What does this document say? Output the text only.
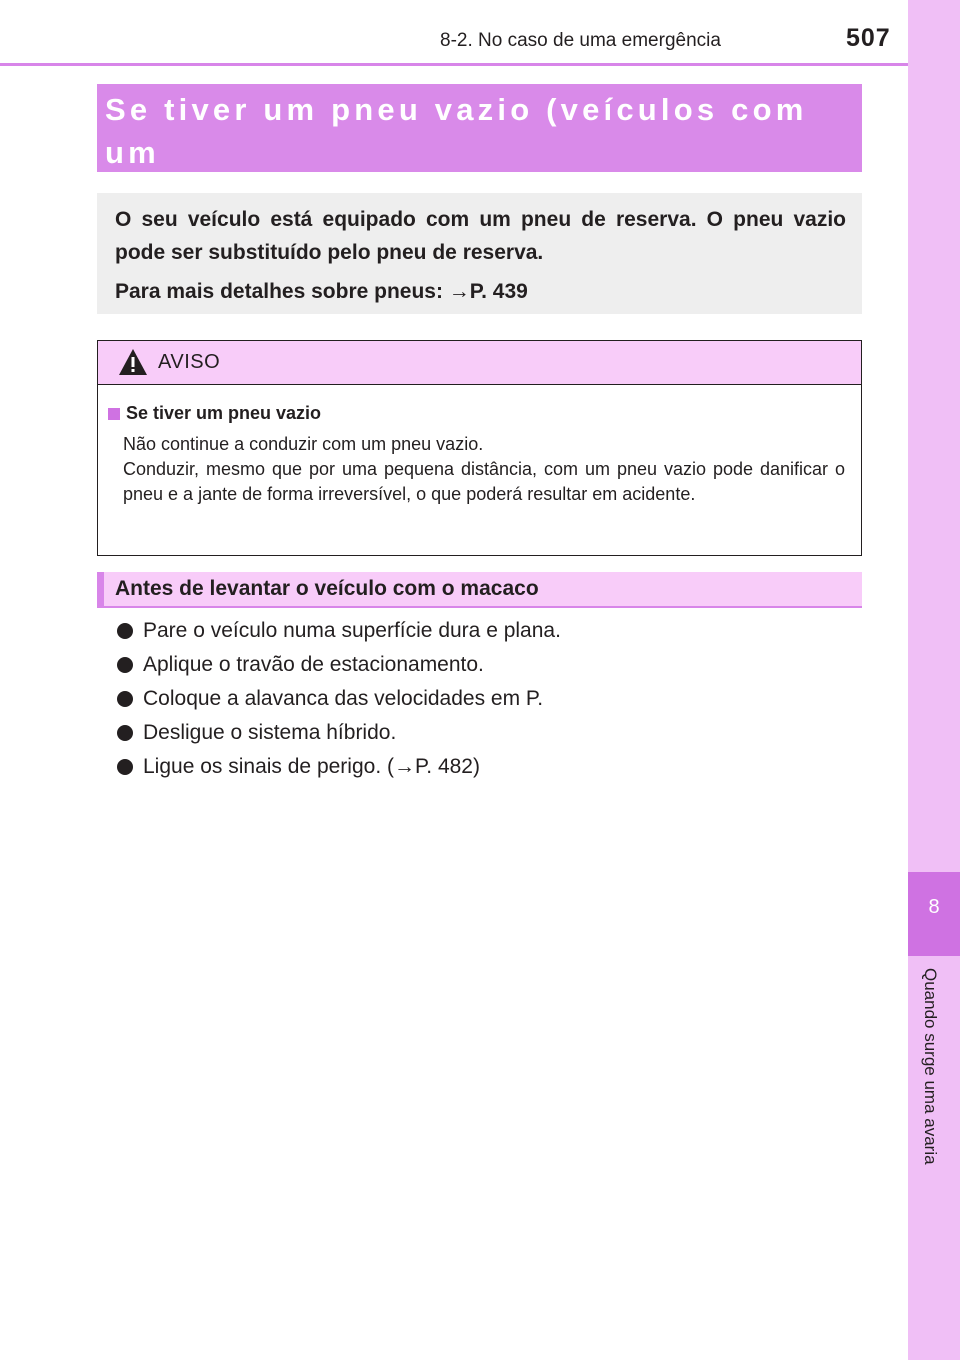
8-2. No caso de uma emergência	507
8
Quando surge uma avaria

Se tiver um pneu vazio (veículos com um

O seu veículo está equipado com um pneu de reserva. O pneu vazio pode ser substituído pelo pneu de reserva.

Para mais detalhes sobre pneus: →P. 439

AVISO
Se tiver um pneu vazio

Não continue a conduzir com um pneu vazio.

Conduzir, mesmo que por uma pequena distância, com um pneu vazio pode danificar o pneu e a jante de forma irreversível, o que poderá resultar em acidente.

Antes de levantar o veículo com o macaco
Pare o veículo numa superfície dura e plana.
Aplique o travão de estacionamento.
Coloque a alavanca das velocidades em P.
Desligue o sistema híbrido.
Ligue os sinais de perigo. (→P. 482)
